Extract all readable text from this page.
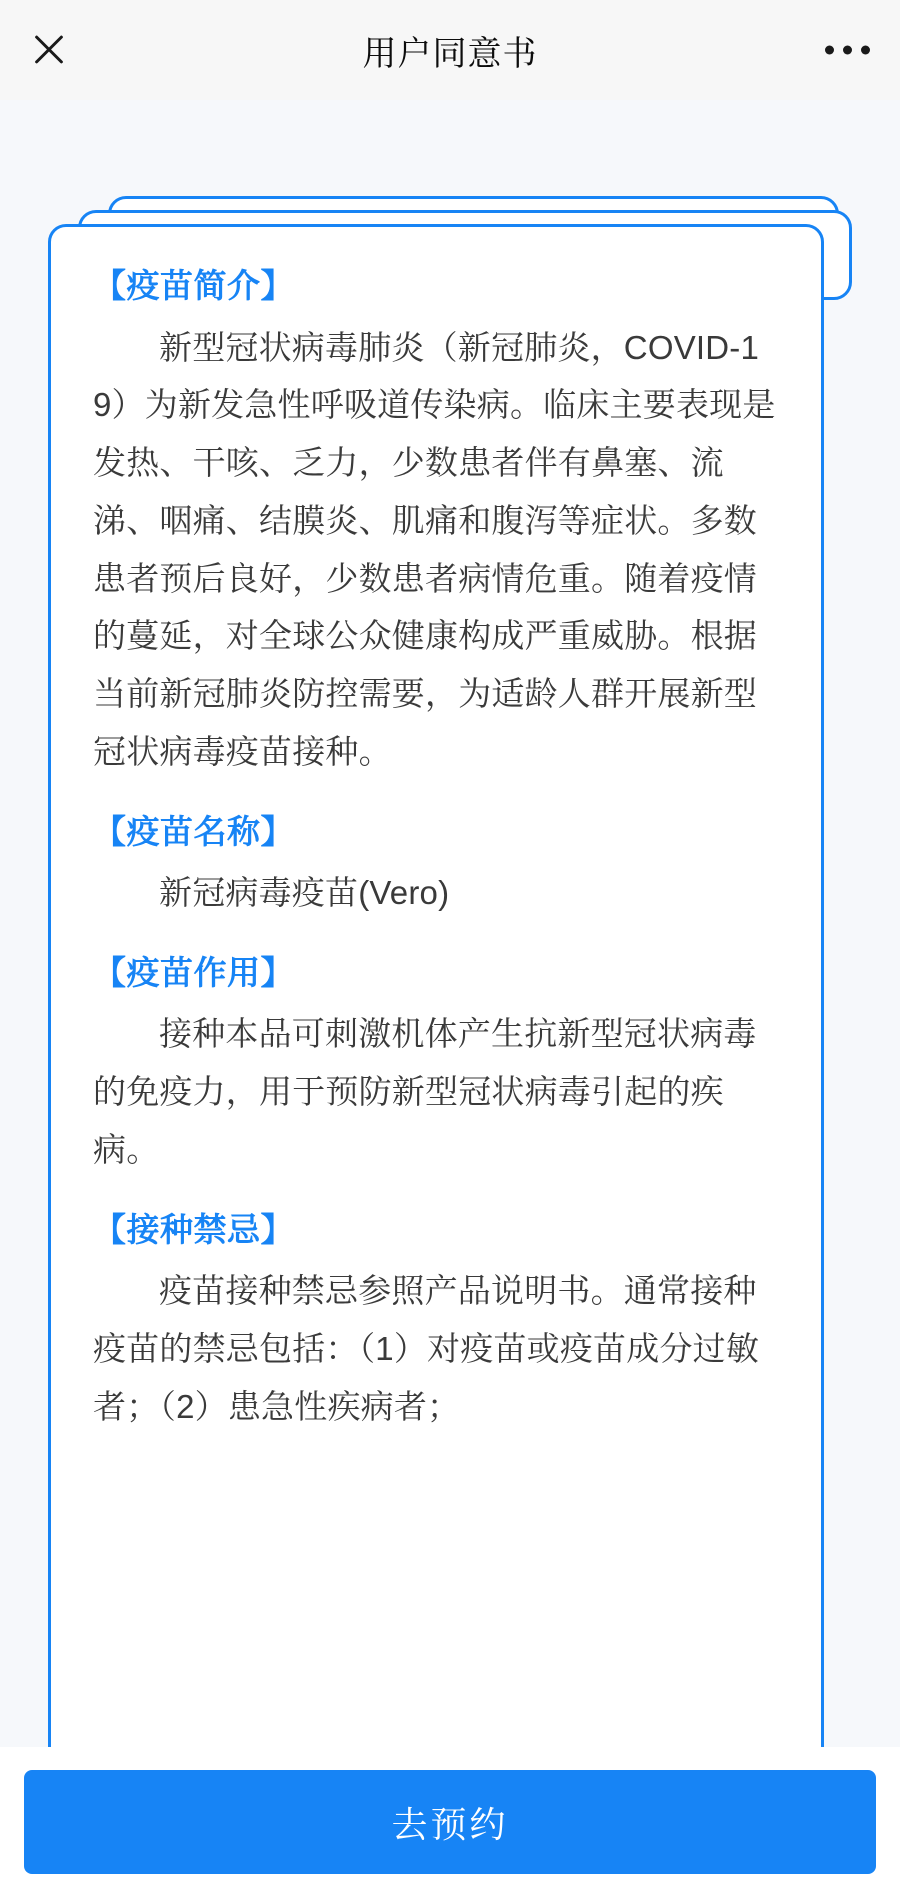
用户同意书
【疫苗简介】

新型冠状病毒肺炎（新冠肺炎，COVID-19）为新发急性呼吸道传染病。临床主要表现是发热、干咳、乏力，少数患者伴有鼻塞、流涕、咽痛、结膜炎、肌痛和腹泻等症状。多数患者预后良好，少数患者病情危重。随着疫情的蔓延，对全球公众健康构成严重威胁。根据当前新冠肺炎防控需要，为适龄人群开展新型冠状病毒疫苗接种。

【疫苗名称】

新冠病毒疫苗(Vero)

【疫苗作用】

接种本品可刺激机体产生抗新型冠状病毒的免疫力，用于预防新型冠状病毒引起的疾病。

【接种禁忌】

疫苗接种禁忌参照产品说明书。通常接种疫苗的禁忌包括：（1）对疫苗或疫苗成分过敏者；（2）患急性疾病者；

去预约
